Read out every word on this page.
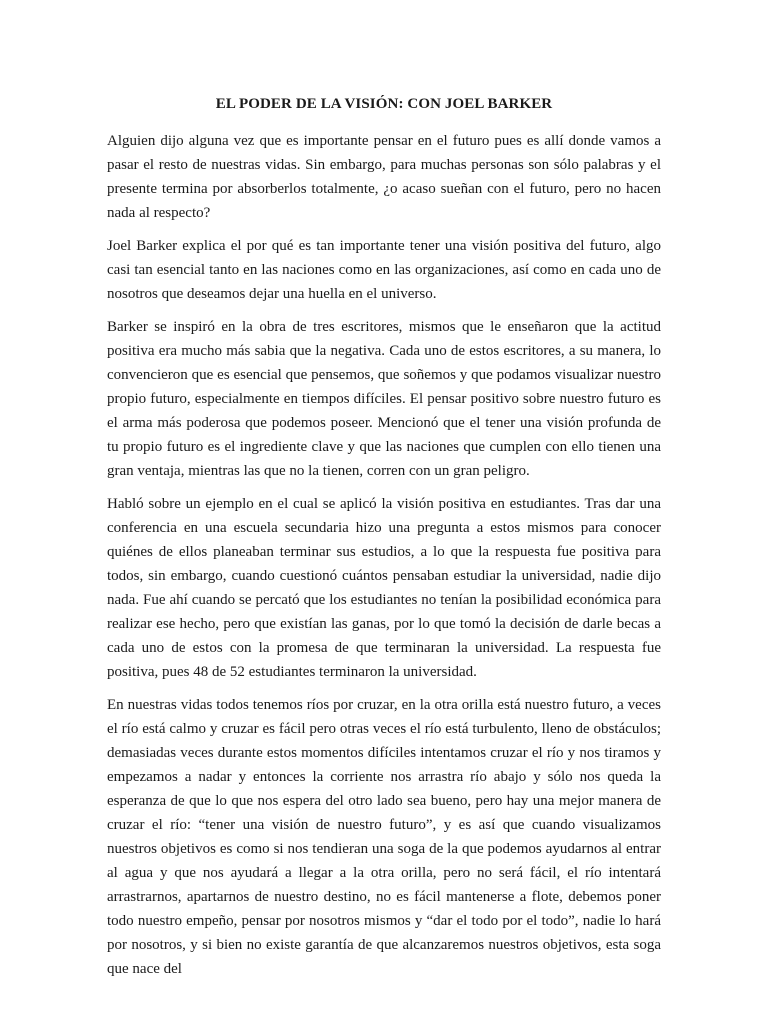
EL PODER DE LA VISIÓN: CON JOEL BARKER

Alguien dijo alguna vez que es importante pensar en el futuro pues es allí donde vamos a pasar el resto de nuestras vidas. Sin embargo, para muchas personas son sólo palabras y el presente termina por absorberlos totalmente, ¿o acaso sueñan con el futuro, pero no hacen nada al respecto?

Joel Barker explica el por qué es tan importante tener una visión positiva del futuro, algo casi tan esencial tanto en las naciones como en las organizaciones, así como en cada uno de nosotros que deseamos dejar una huella en el universo.

Barker se inspiró en la obra de tres escritores, mismos que le enseñaron que la actitud positiva era mucho más sabia que la negativa. Cada uno de estos escritores, a su manera, lo convencieron que es esencial que pensemos, que soñemos y que podamos visualizar nuestro propio futuro, especialmente en tiempos difíciles. El pensar positivo sobre nuestro futuro es el arma más poderosa que podemos poseer. Mencionó que el tener una visión profunda de tu propio futuro es el ingrediente clave y que las naciones que cumplen con ello tienen una gran ventaja, mientras las que no la tienen, corren con un gran peligro.

Habló sobre un ejemplo en el cual se aplicó la visión positiva en estudiantes. Tras dar una conferencia en una escuela secundaria hizo una pregunta a estos mismos para conocer quiénes de ellos planeaban terminar sus estudios, a lo que la respuesta fue positiva para todos, sin embargo, cuando cuestionó cuántos pensaban estudiar la universidad, nadie dijo nada. Fue ahí cuando se percató que los estudiantes no tenían la posibilidad económica para realizar ese hecho, pero que existían las ganas, por lo que tomó la decisión de darle becas a cada uno de estos con la promesa de que terminaran la universidad. La respuesta fue positiva, pues 48 de 52 estudiantes terminaron la universidad.

En nuestras vidas todos tenemos ríos por cruzar, en la otra orilla está nuestro futuro, a veces el río está calmo y cruzar es fácil pero otras veces el río está turbulento, lleno de obstáculos; demasiadas veces durante estos momentos difíciles intentamos cruzar el río y nos tiramos y empezamos a nadar y entonces la corriente nos arrastra río abajo y sólo nos queda la esperanza de que lo que nos espera del otro lado sea bueno, pero hay una mejor manera de cruzar el río: “tener una visión de nuestro futuro”, y es así que cuando visualizamos nuestros objetivos es como si nos tendieran una soga de la que podemos ayudarnos al entrar al agua y que nos ayudará a llegar a la otra orilla, pero no será fácil, el río intentará arrastrarnos, apartarnos de nuestro destino, no es fácil mantenerse a flote, debemos poner todo nuestro empeño, pensar por nosotros mismos y “dar el todo por el todo”, nadie lo hará por nosotros, y si bien no existe garantía de que alcanzaremos nuestros objetivos, esta soga que nace del
